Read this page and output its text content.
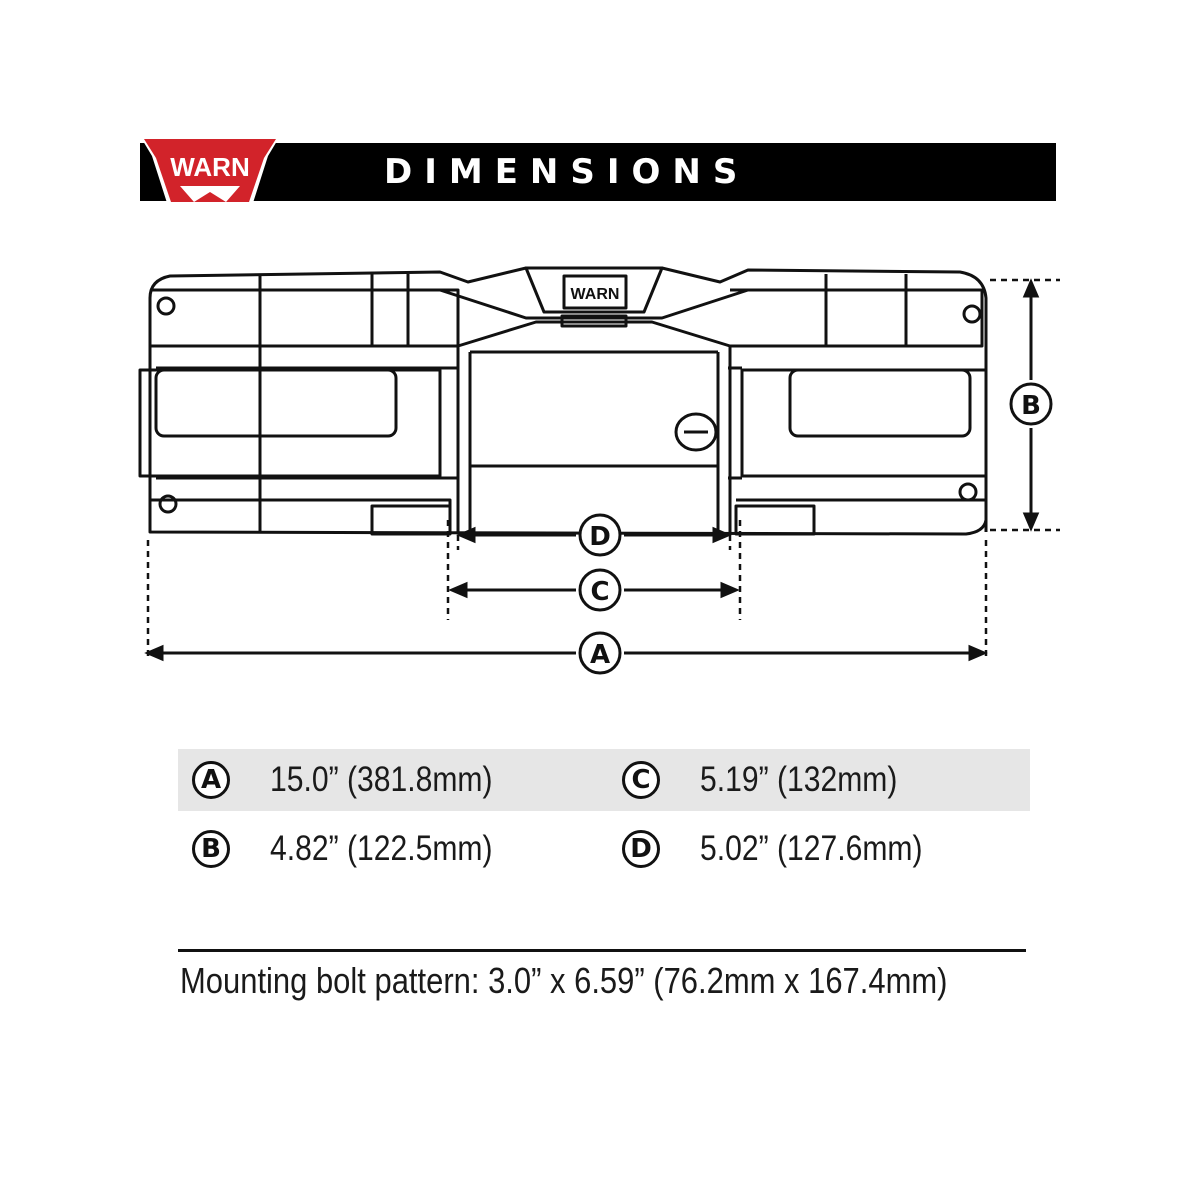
WARN	DIMENSIONS
WARN
D
C
A
B
A 15.0” (381.8mm)	C 5.19” (132mm)
B 4.82” (122.5mm)	D 5.02” (127.6mm)
Mounting bolt pattern: 3.0” x 6.59” (76.2mm x 167.4mm)
